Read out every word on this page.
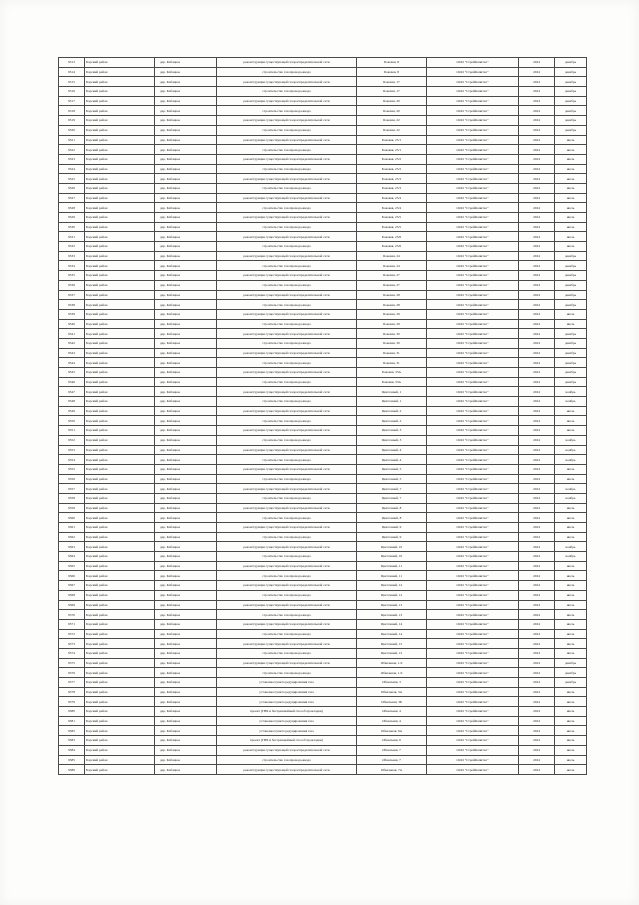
9513	Борский район	дер. Кабацкое	реконструкция существующей газораспределительной сети	Боковая, 8	ООО "СтройКапитал"	2024	декабрь
9514	Борский район	дер. Кабацкое	строительство газопровода-ввода	Боковая, 8	ООО "СтройКапитал"	2024	декабрь
9515	Борский район	дер. Кабацкое	реконструкция существующей газораспределительной сети	Боковая, 17	ООО "СтройКапитал"	2024	декабрь
9516	Борский район	дер. Кабацкое	строительство газопровода-ввода	Боковая, 17	ООО "СтройКапитал"	2024	декабрь
9517	Борский район	дер. Кабацкое	реконструкция существующей газораспределительной сети	Боковая, 20	ООО "СтройКапитал"	2024	декабрь
9518	Борский район	дер. Кабацкое	строительство газопровода-ввода	Боковая, 20	ООО "СтройКапитал"	2024	декабрь
9519	Борский район	дер. Кабацкое	реконструкция существующей газораспределительной сети	Боковая, 22	ООО "СтройКапитал"	2024	декабрь
9520	Борский район	дер. Кабацкое	строительство газопровода-ввода	Боковая, 22	ООО "СтройКапитал"	2024	декабрь
9521	Борский район	дер. Кабацкое	реконструкция существующей газораспределительной сети	Боковая, 23/1	ООО "СтройКапитал"	2024	июль
9522	Борский район	дер. Кабацкое	строительство газопровода-ввода	Боковая, 23/1	ООО "СтройКапитал"	2024	июль
9523	Борский район	дер. Кабацкое	реконструкция существующей газораспределительной сети	Боковая, 23/2	ООО "СтройКапитал"	2024	июль
9524	Борский район	дер. Кабацкое	строительство газопровода-ввода	Боковая, 23/2	ООО "СтройКапитал"	2024	июль
9525	Борский район	дер. Кабацкое	реконструкция существующей газораспределительной сети	Боковая, 23/3	ООО "СтройКапитал"	2024	июль
9526	Борский район	дер. Кабацкое	строительство газопровода-ввода	Боковая, 23/3	ООО "СтройКапитал"	2024	июль
9527	Борский район	дер. Кабацкое	реконструкция существующей газораспределительной сети	Боковая, 23/4	ООО "СтройКапитал"	2024	июль
9528	Борский район	дер. Кабацкое	строительство газопровода-ввода	Боковая, 23/4	ООО "СтройКапитал"	2024	июль
9529	Борский район	дер. Кабацкое	реконструкция существующей газораспределительной сети	Боковая, 23/5	ООО "СтройКапитал"	2024	июль
9530	Борский район	дер. Кабацкое	строительство газопровода-ввода	Боковая, 23/5	ООО "СтройКапитал"	2024	июль
9531	Борский район	дер. Кабацкое	реконструкция существующей газораспределительной сети	Боковая, 23/6	ООО "СтройКапитал"	2024	июль
9532	Борский район	дер. Кабацкое	строительство газопровода-ввода	Боковая, 23/6	ООО "СтройКапитал"	2024	июль
9533	Борский район	дер. Кабацкое	реконструкция существующей газораспределительной сети	Боковая, 24	ООО "СтройКапитал"	2024	декабрь
9534	Борский район	дер. Кабацкое	строительство газопровода-ввода	Боковая, 24	ООО "СтройКапитал"	2024	декабрь
9535	Борский район	дер. Кабацкое	реконструкция существующей газораспределительной сети	Боковая, 27	ООО "СтройКапитал"	2024	декабрь
9536	Борский район	дер. Кабацкое	строительство газопровода-ввода	Боковая, 27	ООО "СтройКапитал"	2024	декабрь
9537	Борский район	дер. Кабацкое	реконструкция существующей газораспределительной сети	Боковая, 28	ООО "СтройКапитал"	2024	декабрь
9538	Борский район	дер. Кабацкое	строительство газопровода-ввода	Боковая, 28	ООО "СтройКапитал"	2024	декабрь
9539	Борский район	дер. Кабацкое	реконструкция существующей газораспределительной сети	Боковая, 29	ООО "СтройКапитал"	2024	июль
9540	Борский район	дер. Кабацкое	строительство газопровода-ввода	Боковая, 29	ООО "СтройКапитал"	2024	июль
9541	Борский район	дер. Кабацкое	реконструкция существующей газораспределительной сети	Боковая, 30	ООО "СтройКапитал"	2024	декабрь
9542	Борский район	дер. Кабацкое	строительство газопровода-ввода	Боковая, 30	ООО "СтройКапитал"	2024	декабрь
9543	Борский район	дер. Кабацкое	реконструкция существующей газораспределительной сети	Боковая, 31	ООО "СтройКапитал"	2024	декабрь
9544	Борский район	дер. Кабацкое	строительство газопровода-ввода	Боковая, 31	ООО "СтройКапитал"	2024	декабрь
9545	Борский район	дер. Кабацкое	реконструкция существующей газораспределительной сети	Боковая, 33А	ООО "СтройКапитал"	2024	декабрь
9546	Борский район	дер. Кабацкое	строительство газопровода-ввода	Боковая, 33А	ООО "СтройКапитал"	2024	декабрь
9547	Борский район	дер. Кабацкое	реконструкция существующей газораспределительной сети	Цветочный, 1	ООО "СтройКапитал"	2024	ноябрь
9548	Борский район	дер. Кабацкое	строительство газопровода-ввода	Цветочный, 1	ООО "СтройКапитал"	2024	ноябрь
9549	Борский район	дер. Кабацкое	реконструкция существующей газораспределительной сети	Цветочный, 2	ООО "СтройКапитал"	2024	июль
9550	Борский район	дер. Кабацкое	строительство газопровода-ввода	Цветочный, 2	ООО "СтройКапитал"	2024	июль
9551	Борский район	дер. Кабацкое	реконструкция существующей газораспределительной сети	Цветочный, 3	ООО "СтройКапитал"	2024	июль
9552	Борский район	дер. Кабацкое	строительство газопровода-ввода	Цветочный, 3	ООО "СтройКапитал"	2024	ноябрь
9553	Борский район	дер. Кабацкое	реконструкция существующей газораспределительной сети	Цветочный, 4	ООО "СтройКапитал"	2024	ноябрь
9554	Борский район	дер. Кабацкое	строительство газопровода-ввода	Цветочный, 4	ООО "СтройКапитал"	2024	ноябрь
9555	Борский район	дер. Кабацкое	реконструкция существующей газораспределительной сети	Цветочный, 5	ООО "СтройКапитал"	2024	июль
9556	Борский район	дер. Кабацкое	строительство газопровода-ввода	Цветочный, 5	ООО "СтройКапитал"	2024	июль
9557	Борский район	дер. Кабацкое	реконструкция существующей газораспределительной сети	Цветочный, 7	ООО "СтройКапитал"	2024	ноябрь
9558	Борский район	дер. Кабацкое	строительство газопровода-ввода	Цветочный, 7	ООО "СтройКапитал"	2024	ноябрь
9559	Борский район	дер. Кабацкое	реконструкция существующей газораспределительной сети	Цветочный, 8	ООО "СтройКапитал"	2024	июль
9560	Борский район	дер. Кабацкое	строительство газопровода-ввода	Цветочный, 8	ООО "СтройКапитал"	2024	июль
9561	Борский район	дер. Кабацкое	реконструкция существующей газораспределительной сети	Цветочный, 9	ООО "СтройКапитал"	2024	июль
9562	Борский район	дер. Кабацкое	строительство газопровода-ввода	Цветочный, 9	ООО "СтройКапитал"	2024	июль
9563	Борский район	дер. Кабацкое	реконструкция существующей газораспределительной сети	Цветочный, 10	ООО "СтройКапитал"	2024	ноябрь
9564	Борский район	дер. Кабацкое	строительство газопровода-ввода	Цветочный, 10	ООО "СтройКапитал"	2024	ноябрь
9565	Борский район	дер. Кабацкое	реконструкция существующей газораспределительной сети	Цветочный, 11	ООО "СтройКапитал"	2024	июль
9566	Борский район	дер. Кабацкое	строительство газопровода-ввода	Цветочный, 11	ООО "СтройКапитал"	2024	июль
9567	Борский район	дер. Кабацкое	реконструкция существующей газораспределительной сети	Цветочный, 12	ООО "СтройКапитал"	2024	июль
9568	Борский район	дер. Кабацкое	строительство газопровода-ввода	Цветочный, 12	ООО "СтройКапитал"	2024	июль
9569	Борский район	дер. Кабацкое	реконструкция существующей газораспределительной сети	Цветочный, 13	ООО "СтройКапитал"	2024	июль
9570	Борский район	дер. Кабацкое	строительство газопровода-ввода	Цветочный, 13	ООО "СтройКапитал"	2024	июль
9571	Борский район	дер. Кабацкое	реконструкция существующей газораспределительной сети	Цветочный, 14	ООО "СтройКапитал"	2024	июль
9572	Борский район	дер. Кабацкое	строительство газопровода-ввода	Цветочный, 14	ООО "СтройКапитал"	2024	июль
9573	Борский район	дер. Кабацкое	реконструкция существующей газораспределительной сети	Цветочный, 15	ООО "СтройКапитал"	2024	июль
9574	Борский район	дер. Кабацкое	строительство газопровода-ввода	Цветочный, 15	ООО "СтройКапитал"	2024	июль
9575	Борский район	дер. Кабацкое	реконструкция существующей газораспределительной сети	Обвальная, 1-9	ООО "СтройКапитал"	2024	декабрь
9576	Борский район	дер. Кабацкое	строительство газопровода-ввода	Обвальная, 1-9	ООО "СтройКапитал"	2024	декабрь
9577	Борский район	дер. Кабацкое	установка пункта редуцирования газа	Обвальная, 3	ООО "СтройКапитал"	2024	декабрь
9578	Борский район	дер. Кабацкое	установка пункта редуцирования газа	Обвальная, 3А	ООО "СтройКапитал"	2024	июль
9579	Борский район	дер. Кабацкое	установка пункта редуцирования газа	Обвальная, 3Б	ООО "СтройКапитал"	2024	июль
9580	Борский район	дер. Кабацкое	проект (ГНБ и безтраншейный способ прокладки)	Обвальная, 4	ООО "СтройКапитал"	2024	июль
9581	Борский район	дер. Кабацкое	установка пункта редуцирования газа	Обвальная, 4	ООО "СтройКапитал"	2024	июль
9582	Борский район	дер. Кабацкое	установка пункта редуцирования газа	Обвальная, 6А	ООО "СтройКапитал"	2024	июль
9583	Борский район	дер. Кабацкое	проект (ГНБ и безтраншейный способ прокладки)	Обвальная, 6	ООО "СтройКапитал"	2024	июль
9584	Борский район	дер. Кабацкое	реконструкция существующей газораспределительной сети	Обвальная, 7	ООО "СтройКапитал"	2024	июль
9585	Борский район	дер. Кабацкое	строительство газопровода-ввода	Обвальная, 7	ООО "СтройКапитал"	2024	июль
9586	Борский район	дер. Кабацкое	реконструкция существующей газораспределительной сети	Обвальная, 7А	ООО "СтройКапитал"	2024	июль
